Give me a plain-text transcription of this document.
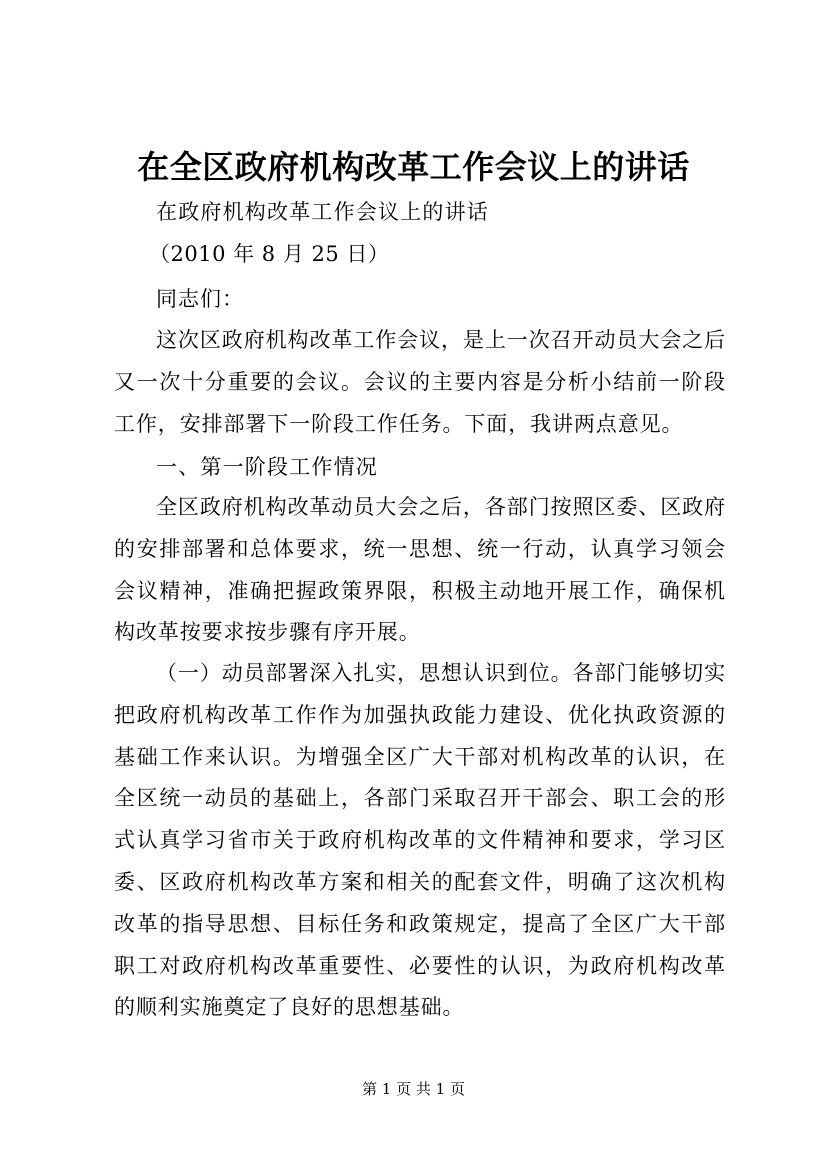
在全区政府机构改革工作会议上的讲话
在政府机构改革工作会议上的讲话
（2010 年 8 月 25 日）
同志们：
这次区政府机构改革工作会议，是上一次召开动员大会之后又一次十分重要的会议。会议的主要内容是分析小结前一阶段工作，安排部署下一阶段工作任务。下面，我讲两点意见。
一、第一阶段工作情况
全区政府机构改革动员大会之后，各部门按照区委、区政府的安排部署和总体要求，统一思想、统一行动，认真学习领会会议精神，准确把握政策界限，积极主动地开展工作，确保机构改革按要求按步骤有序开展。
（一）动员部署深入扎实，思想认识到位。各部门能够切实把政府机构改革工作作为加强执政能力建设、优化执政资源的基础工作来认识。为增强全区广大干部对机构改革的认识，在全区统一动员的基础上，各部门采取召开干部会、职工会的形式认真学习省市关于政府机构改革的文件精神和要求，学习区委、区政府机构改革方案和相关的配套文件，明确了这次机构改革的指导思想、目标任务和政策规定，提高了全区广大干部职工对政府机构改革重要性、必要性的认识，为政府机构改革的顺利实施奠定了良好的思想基础。
第 1 页 共 1 页
